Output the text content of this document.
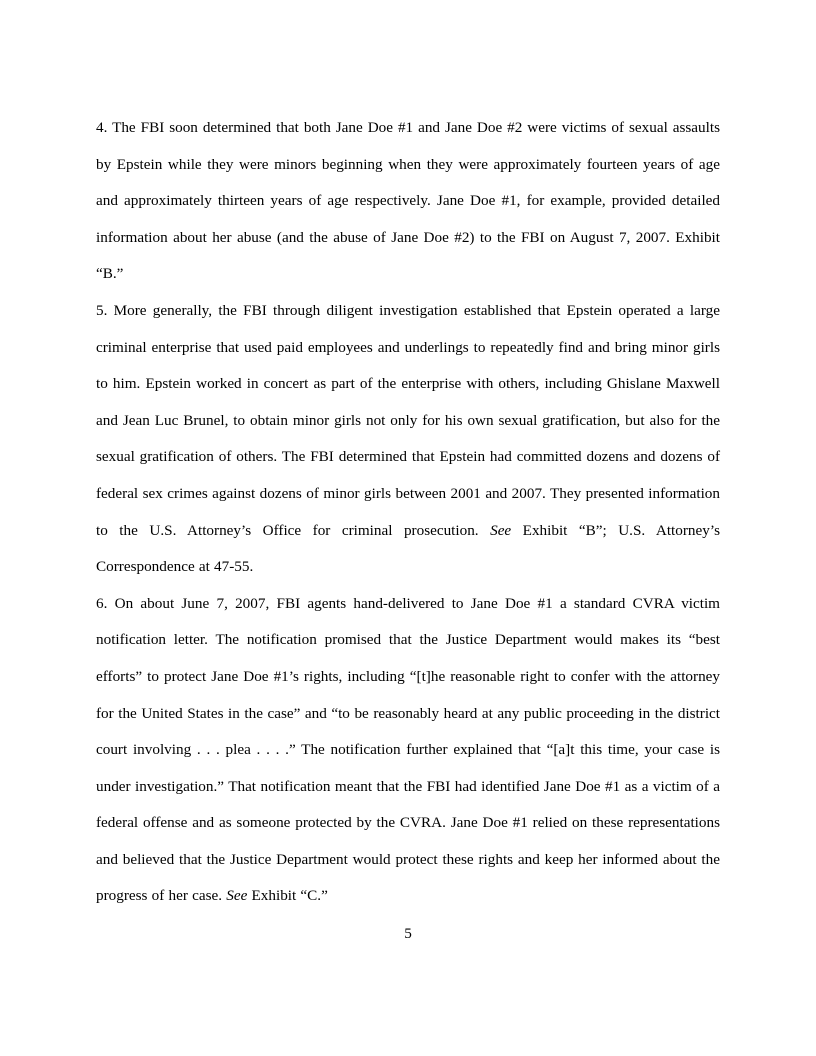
4. The FBI soon determined that both Jane Doe #1 and Jane Doe #2 were victims of sexual assaults by Epstein while they were minors beginning when they were approximately fourteen years of age and approximately thirteen years of age respectively. Jane Doe #1, for example, provided detailed information about her abuse (and the abuse of Jane Doe #2) to the FBI on August 7, 2007. Exhibit “B.”

5. More generally, the FBI through diligent investigation established that Epstein operated a large criminal enterprise that used paid employees and underlings to repeatedly find and bring minor girls to him. Epstein worked in concert as part of the enterprise with others, including Ghislane Maxwell and Jean Luc Brunel, to obtain minor girls not only for his own sexual gratification, but also for the sexual gratification of others. The FBI determined that Epstein had committed dozens and dozens of federal sex crimes against dozens of minor girls between 2001 and 2007. They presented information to the U.S. Attorney’s Office for criminal prosecution. See Exhibit “B”; U.S. Attorney’s Correspondence at 47-55.

6. On about June 7, 2007, FBI agents hand-delivered to Jane Doe #1 a standard CVRA victim notification letter. The notification promised that the Justice Department would makes its “best efforts” to protect Jane Doe #1’s rights, including “[t]he reasonable right to confer with the attorney for the United States in the case” and “to be reasonably heard at any public proceeding in the district court involving . . . plea . . . .” The notification further explained that “[a]t this time, your case is under investigation.” That notification meant that the FBI had identified Jane Doe #1 as a victim of a federal offense and as someone protected by the CVRA. Jane Doe #1 relied on these representations and believed that the Justice Department would protect these rights and keep her informed about the progress of her case. See Exhibit “C.”

5
